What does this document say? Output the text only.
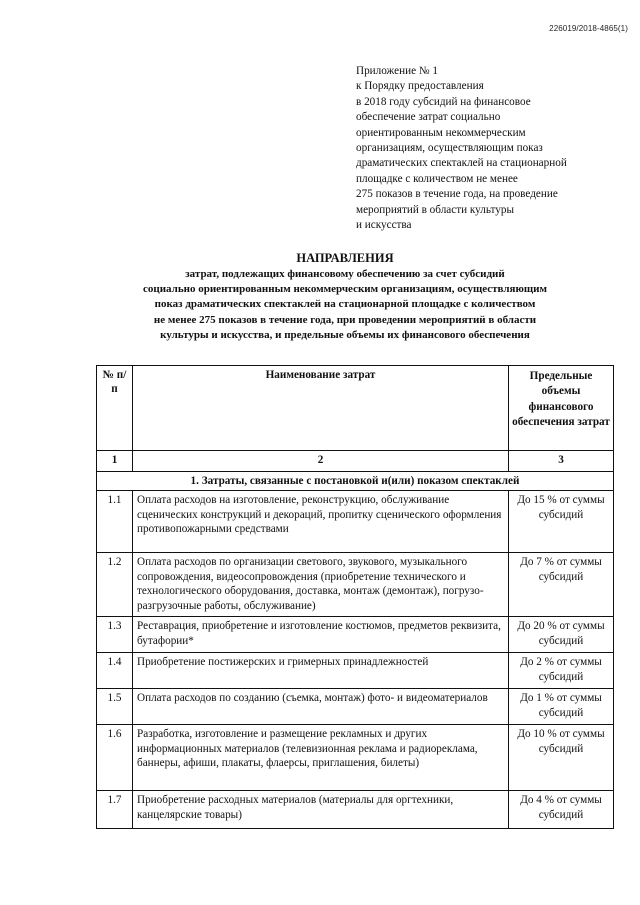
226019/2018-4865(1)
Приложение № 1
к Порядку предоставления
в 2018 году субсидий на финансовое
обеспечение затрат социально
ориентированным некоммерческим
организациям, осуществляющим показ
драматических спектаклей на стационарной
площадке с количеством не менее
275 показов в течение года, на проведение
мероприятий в области культуры
и искусства
НАПРАВЛЕНИЯ
затрат, подлежащих финансовому обеспечению за счет субсидий
социально ориентированным некоммерческим организациям, осуществляющим
показ драматических спектаклей на стационарной площадке с количеством
не менее 275 показов в течение года, при проведении мероприятий в области
культуры и искусства, и предельные объемы их финансового обеспечения
№ п/п	Наименование затрат	Предельные объемы финансового обеспечения затрат
1	2	3
1. Затраты, связанные с постановкой и(или) показом спектаклей		
1.1	Оплата расходов на изготовление, реконструкцию, обслуживание сценических конструкций и декораций, пропитку сценического оформления противопожарными средствами	До 15 % от суммы субсидий
1.2	Оплата расходов по организации светового, звукового, музыкального сопровождения, видеосопровождения (приобретение технического и технологического оборудования, доставка, монтаж (демонтаж), погрузо-разгрузочные работы, обслуживание)	До 7 % от суммы субсидий
1.3	Реставрация, приобретение и изготовление костюмов, предметов реквизита, бутафории*	До 20 % от суммы субсидий
1.4	Приобретение постижерских и гримерных принадлежностей	До 2 % от суммы субсидий
1.5	Оплата расходов по созданию (съемка, монтаж) фото- и видеоматериалов	До 1 % от суммы субсидий
1.6	Разработка, изготовление и размещение рекламных и других информационных материалов (телевизионная реклама и радиореклама, баннеры, афиши, плакаты, флаерсы, приглашения, билеты)	До 10 % от суммы субсидий
1.7	Приобретение расходных материалов (материалы для оргтехники, канцелярские товары)	До 4 % от суммы субсидий
